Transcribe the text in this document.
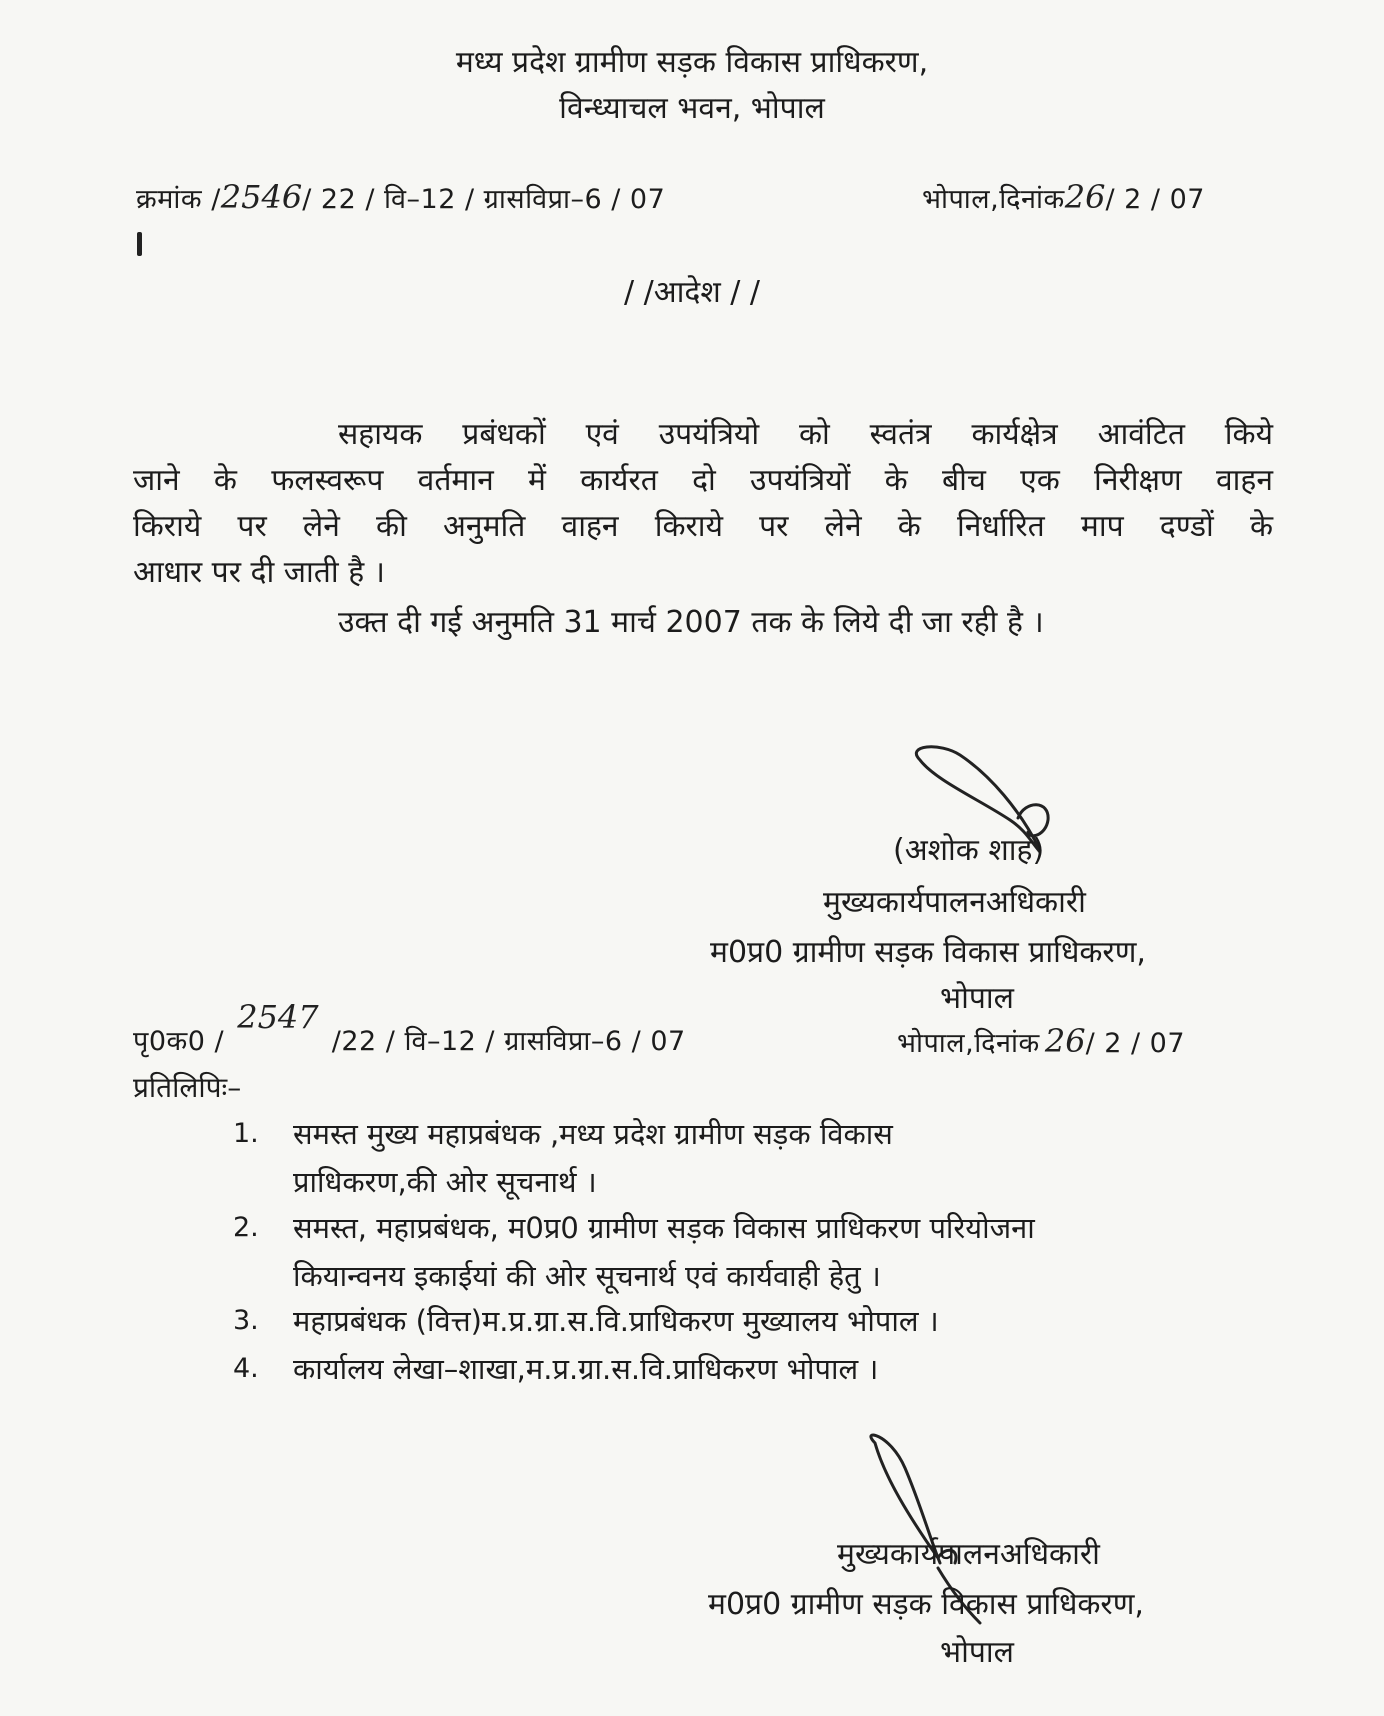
मध्य प्रदेश ग्रामीण सड़क विकास प्राधिकरण,
विन्ध्याचल भवन, भोपाल
क्रमांक /2546/ 22 / वि–12 / ग्रासविप्रा–6 / 07	भोपाल,दिनांक26/ 2 / 07
/ /आदेश / /
सहायक प्रबंधकों एवं उपयंत्रियो को स्वतंत्र कार्यक्षेत्र आवंटित किये
जाने के फलस्वरूप वर्तमान में कार्यरत दो उपयंत्रियों के बीच एक निरीक्षण वाहन
किराये पर लेने की अनुमति वाहन किराये पर लेने के निर्धारित माप दण्डों के
आधार पर दी जाती है ।
उक्त दी गई अनुमति 31 मार्च 2007 तक के लिये दी जा रही है ।
(अशोक शाह)
मुख्यकार्यपालनअधिकारी
म0प्र0 ग्रामीण सड़क विकास प्राधिकरण,
भोपाल
पृ0क0 / 2547 /22 / वि–12 / ग्रासविप्रा–6 / 07	भोपाल,दिनांक 26/ 2 / 07
प्रतिलिपिः–
1. समस्त मुख्य महाप्रबंधक ,मध्य प्रदेश ग्रामीण सड़क विकास
प्राधिकरण,की ओर सूचनार्थ ।
2. समस्त, महाप्रबंधक, म0प्र0 ग्रामीण सड़क विकास प्राधिकरण परियोजना
कियान्वनय इकाईयां की ओर सूचनार्थ एवं कार्यवाही हेतु ।
3. महाप्रबंधक (वित्त)म.प्र.ग्रा.स.वि.प्राधिकरण मुख्यालय भोपाल ।
4. कार्यालय लेखा–शाखा,म.प्र.ग्रा.स.वि.प्राधिकरण भोपाल ।
मुख्यकार्यपालनअधिकारी
म0प्र0 ग्रामीण सड़क विकास प्राधिकरण,
भोपाल
